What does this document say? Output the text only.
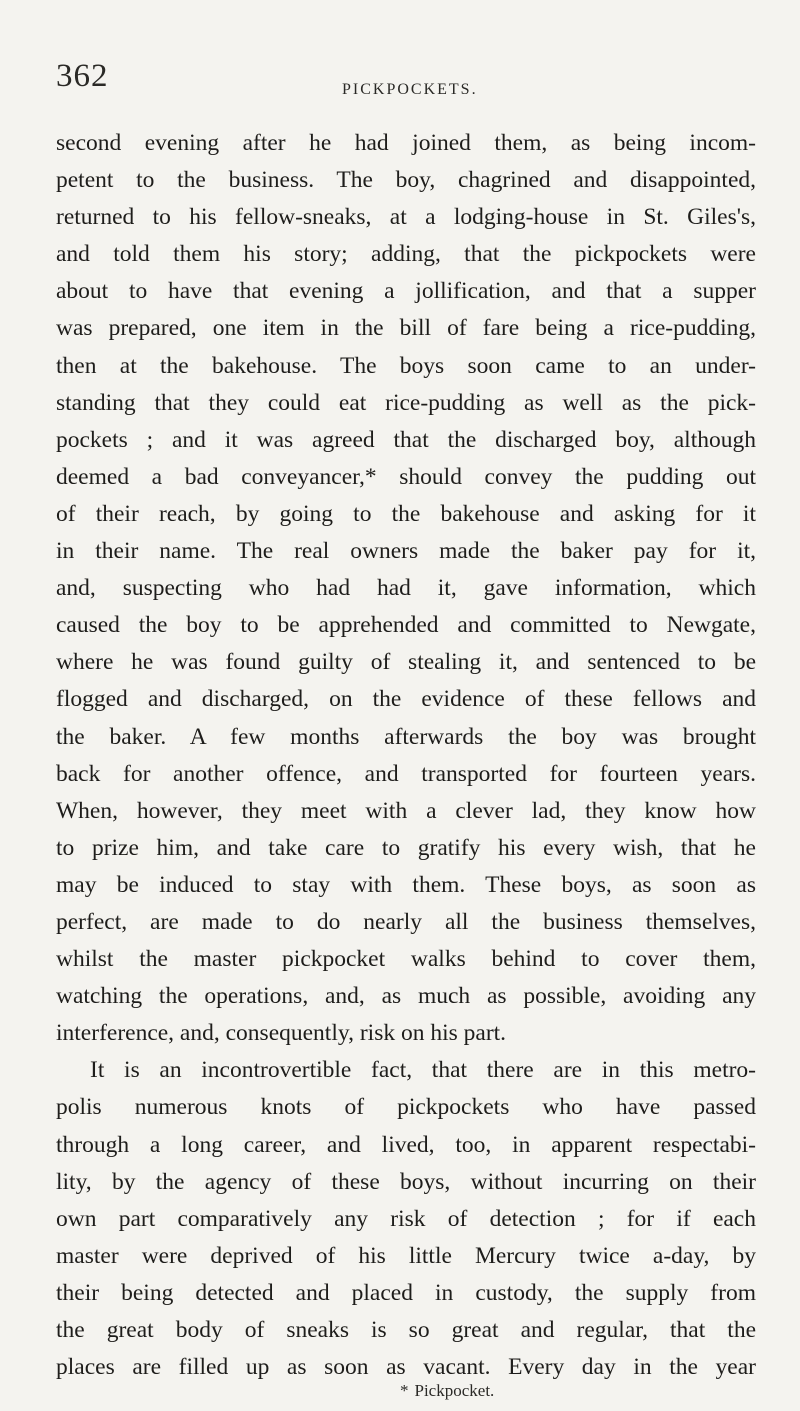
362	PICKPOCKETS.
second evening after he had joined them, as being incom-
petent to the business. The boy, chagrined and disappointed,
returned to his fellow-sneaks, at a lodging-house in St. Giles's,
and told them his story; adding, that the pickpockets were
about to have that evening a jollification, and that a supper
was prepared, one item in the bill of fare being a rice-pudding,
then at the bakehouse. The boys soon came to an under-
standing that they could eat rice-pudding as well as the pick-
pockets ; and it was agreed that the discharged boy, although
deemed a bad conveyancer,* should convey the pudding out
of their reach, by going to the bakehouse and asking for it
in their name. The real owners made the baker pay for it,
and, suspecting who had had it, gave information, which
caused the boy to be apprehended and committed to Newgate,
where he was found guilty of stealing it, and sentenced to be
flogged and discharged, on the evidence of these fellows and
the baker. A few months afterwards the boy was brought
back for another offence, and transported for fourteen years.
When, however, they meet with a clever lad, they know how
to prize him, and take care to gratify his every wish, that he
may be induced to stay with them. These boys, as soon as
perfect, are made to do nearly all the business themselves,
whilst the master pickpocket walks behind to cover them,
watching the operations, and, as much as possible, avoiding any
interference, and, consequently, risk on his part.
It is an incontrovertible fact, that there are in this metro-
polis numerous knots of pickpockets who have passed
through a long career, and lived, too, in apparent respectabi-
lity, by the agency of these boys, without incurring on their
own part comparatively any risk of detection ; for if each
master were deprived of his little Mercury twice a-day, by
their being detected and placed in custody, the supply from
the great body of sneaks is so great and regular, that the
places are filled up as soon as vacant. Every day in the year
* Pickpocket.
